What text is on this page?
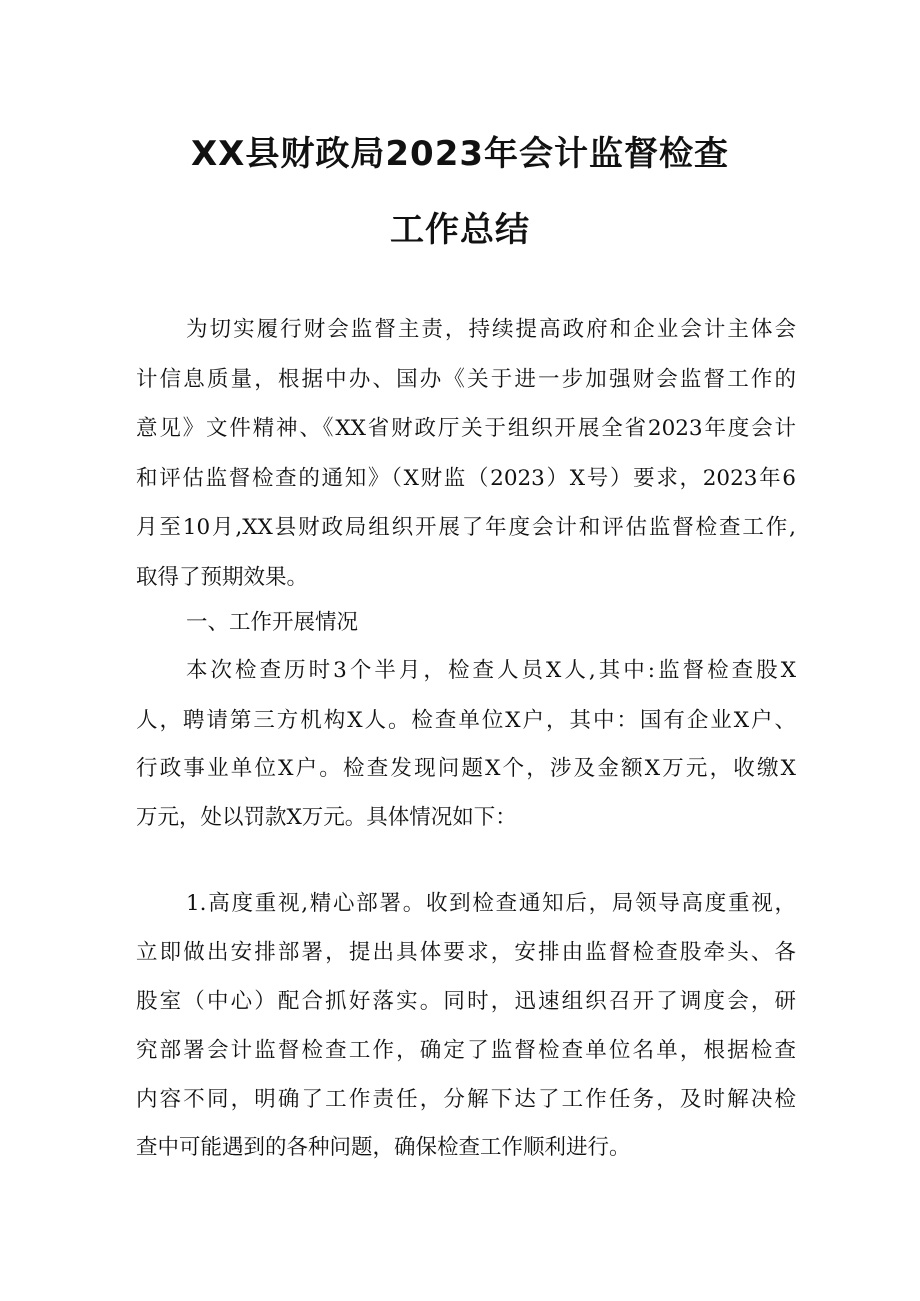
XX县财政局2023年会计监督检查
工作总结

为切实履行财会监督主责，持续提高政府和企业会计主体会

计信息质量，根据中办、国办《关于进一步加强财会监督工作的

意见》文件精神、《XX省财政厅关于组织开展全省2023年度会计

和评估监督检查的通知》（X财监（2023）X号）要求，2023年6

月至10月,XX县财政局组织开展了年度会计和评估监督检查工作,

取得了预期效果。

一、工作开展情况

本次检查历时3个半月，检查人员X人,其中:监督检查股X

人，聘请第三方机构X人。检查单位X户，其中：国有企业X户、

行政事业单位X户。检查发现问题X个，涉及金额X万元，收缴X

万元，处以罚款X万元。具体情况如下：

1.高度重视,精心部署。收到检查通知后，局领导高度重视，

立即做出安排部署，提出具体要求，安排由监督检查股牵头、各

股室（中心）配合抓好落实。同时，迅速组织召开了调度会，研

究部署会计监督检查工作，确定了监督检查单位名单，根据检查

内容不同，明确了工作责任，分解下达了工作任务，及时解决检

查中可能遇到的各种问题，确保检查工作顺利进行。
